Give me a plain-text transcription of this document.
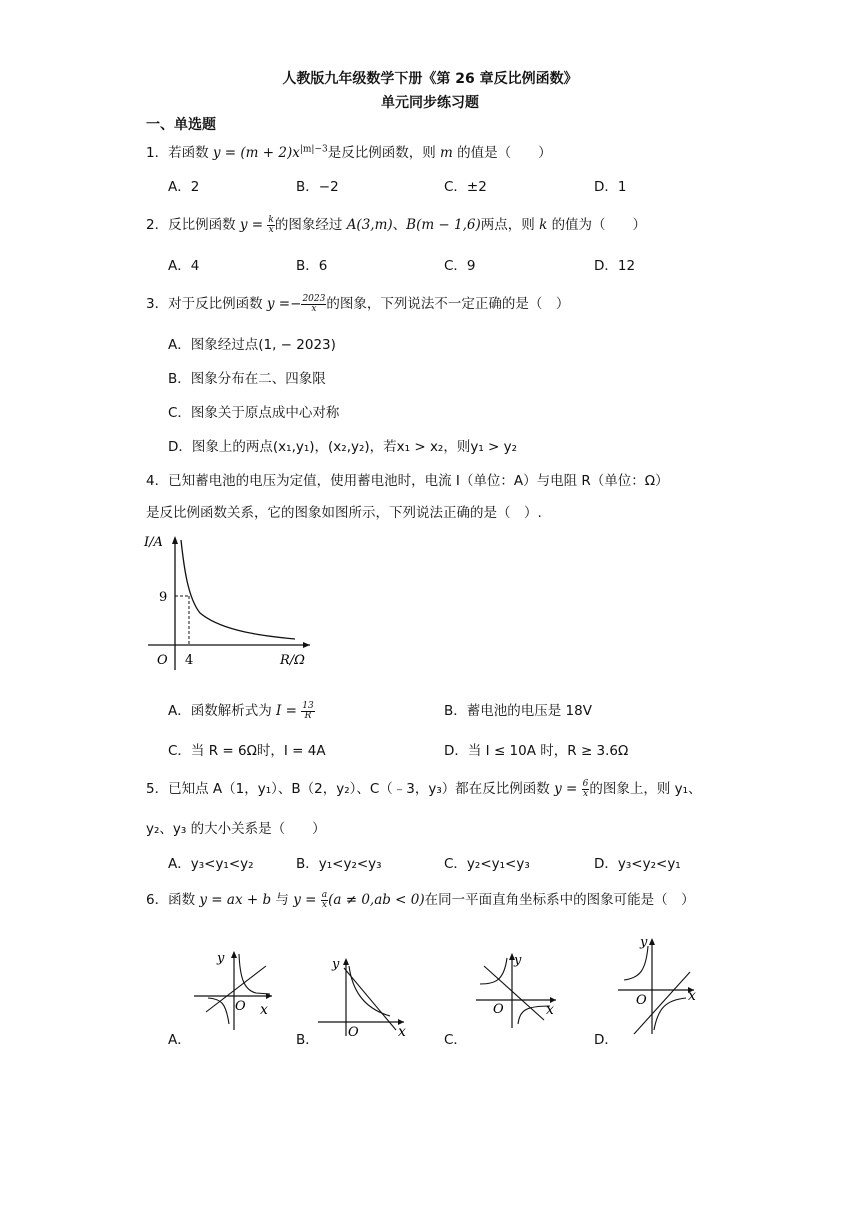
人教版九年级数学下册《第 26 章反比例函数》
单元同步练习题
一、单选题
1．若函数 $y = (m + 2)x^{|m|-3}$是反比例函数，则 m 的值是（　　）
A．2	B．−2	C．±2	D．1
2．反比例函数 $y = \frac{k}{x}$ 的图象经过 A(3,m)、B(m − 1,6)两点，则 k 的值为（　　）
A．4	B．6	C．9	D．12
3．对于反比例函数 $y =- \frac{2023}{x}$ 的图象，下列说法不一定正确的是（　）
A．图象经过点(1, − 2023)
B．图象分布在二、四象限
C．图象关于原点成中心对称
D．图象上的两点(x₁,y₁)，(x₂,y₂)，若x₁ > x₂，则y₁ > y₂
4．已知蓄电池的电压为定值，使用蓄电池时，电流 I（单位：A）与电阻 R（单位：Ω）
是反比例函数关系，它的图象如图所示，下列说法正确的是（　）.
I/A
R/Ω
O 4
9
A．函数解析式为 $I = \frac{13}{R}$	B．蓄电池的电压是 18V
C．当 R = 6Ω时，I = 4A	D．当 I ≤ 10A 时，R ≥ 3.6Ω
5．已知点 A（1，y₁）、B（2，y₂）、C（﹣3，y₃）都在反比例函数 $y = \frac{6}{x}$ 的图象上，则 y₁、
y₂、y₃ 的大小关系是（　　）
A．y₃<y₁<y₂	B．y₁<y₂<y₃	C．y₂<y₁<y₃	D．y₃<y₂<y₁
6．函数 y = ax + b 与 $y = \frac{a}{x} (a \ne 0,ab < 0)$在同一平面直角坐标系中的图象可能是（　）
A．
y
x
O
B．
y
x
O	C．
y
x
O
D．
y
x
O
